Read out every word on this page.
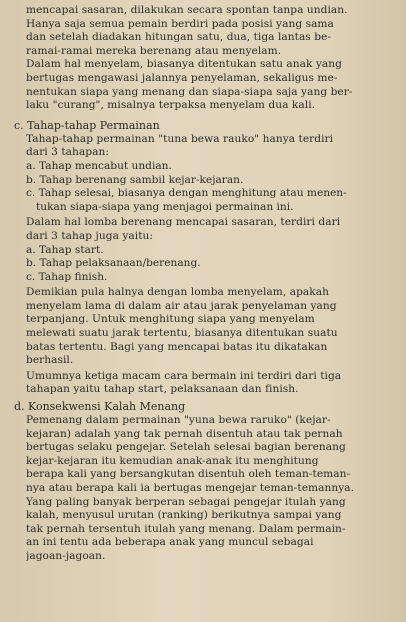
mencapai sasaran, dilakukan secara spontan tanpa undian.
Hanya saja semua pemain berdiri pada posisi yang sama
dan setelah diadakan hitungan satu, dua, tiga lantas be-
ramai-ramai mereka berenang atau menyelam.

Dalam hal menyelam, biasanya ditentukan satu anak yang
bertugas mengawasi jalannya penyelaman, sekaligus me-
nentukan siapa yang menang dan siapa-siapa saja yang ber-
laku "curang", misalnya terpaksa menyelam dua kali.

c. Tahap-tahap Permainan

Tahap-tahap permainan "tuna bewa rauko" hanya terdiri
dari 3 tahapan:

a. Tahap mencabut undian.

b. Tahap berenang sambil kejar-kejaran.

c. Tahap selesai, biasanya dengan menghitung atau menen-

tukan siapa-siapa yang menjagoi permainan ini.

Dalam hal lomba berenang mencapai sasaran, terdiri dari
dari 3 tahap juga yaitu:

a. Tahap start.

b. Tahap pelaksanaan/berenang.

c. Tahap finish.

Demikian pula halnya dengan lomba menyelam, apakah
menyelam lama di dalam air atau jarak penyelaman yang
terpanjang. Untuk menghitung siapa yang menyelam
melewati suatu jarak tertentu, biasanya ditentukan suatu
batas tertentu. Bagi yang mencapai batas itu dikatakan
berhasil.

Umumnya ketiga macam cara bermain ini terdiri dari tiga
tahapan yaitu tahap start, pelaksanaan dan finish.

d. Konsekwensi Kalah Menang

Pemenang dalam permainan "yuna bewa raruko" (kejar-
kejaran) adalah yang tak pernah disentuh atau tak pernah
bertugas selaku pengejar. Setelah selesai bagian berenang
kejar-kejaran itu kemudian anak-anak itu menghitung
berapa kali yang bersangkutan disentuh oleh teman-teman-
nya atau berapa kali ia bertugas mengejar teman-temannya.
Yang paling banyak berperan sebagai pengejar itulah yang
kalah, menyusul urutan (ranking) berikutnya sampai yang
tak pernah tersentuh itulah yang menang. Dalam permain-
an ini tentu ada beberapa anak yang muncul sebagai
jagoan-jagoan.
